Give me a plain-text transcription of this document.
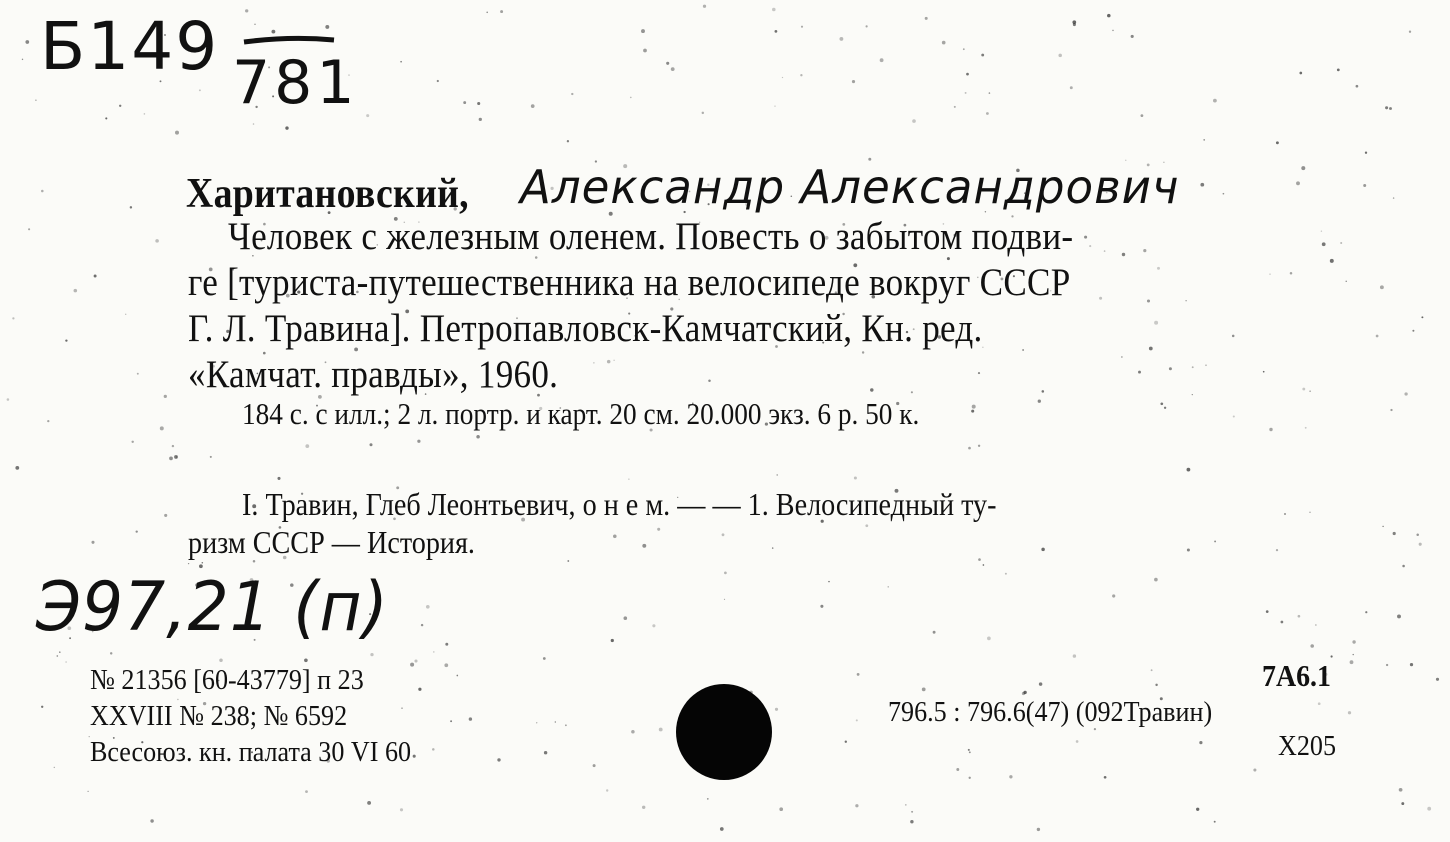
Б149 781
Харитановский, Александр Александрович
Человек с железным оленем. Повесть о забытом подви-
ге [туриста-путешественника на велосипеде вокруг СССР
Г. Л. Травина]. Петропавловск-Камчатский, Кн. ред.
«Камчат. правды», 1960.
184 с. с илл.; 2 л. портр. и карт. 20 см. 20.000 экз. 6 р. 50 к.
I. Травин, Глеб Леонтьевич, о н е м. — — 1. Велосипедный ту-
ризм СССР — История.
Э97,21 (п)
№ 21356 [60-43779] п 23
XXVIII № 238; № 6592
Всесоюз. кн. палата 30 VI 60
7А6.1
796.5 : 796.6(47) (092Травин)
Х205
